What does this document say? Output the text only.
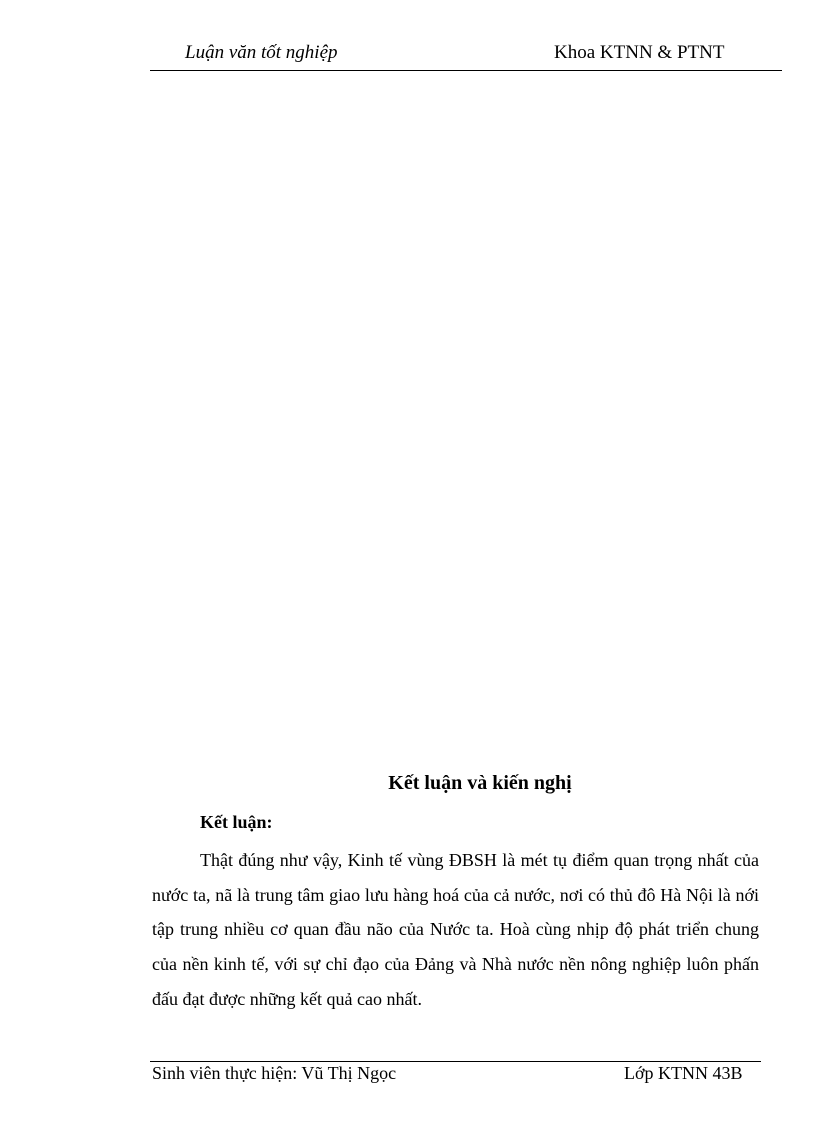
Luận văn tốt nghiệp	Khoa KTNN & PTNT
Kết luận và kiến nghị
Kết luận:

Thật đúng như vậy, Kinh tế vùng ĐBSH là mét tụ điểm quan trọng nhất của nước ta, nã là trung tâm giao lưu hàng hoá của cả nước, nơi có thủ đô Hà Nội là nới tập trung nhiều cơ quan đầu não của Nước ta. Hoà cùng nhịp độ phát triển chung của nền kinh tế, với sự chỉ đạo của Đảng và Nhà nước nền nông nghiệp luôn phấn đấu đạt được những kết quả cao nhất.

Sinh viên thực hiện: Vũ Thị Ngọc	Lớp KTNN 43B
